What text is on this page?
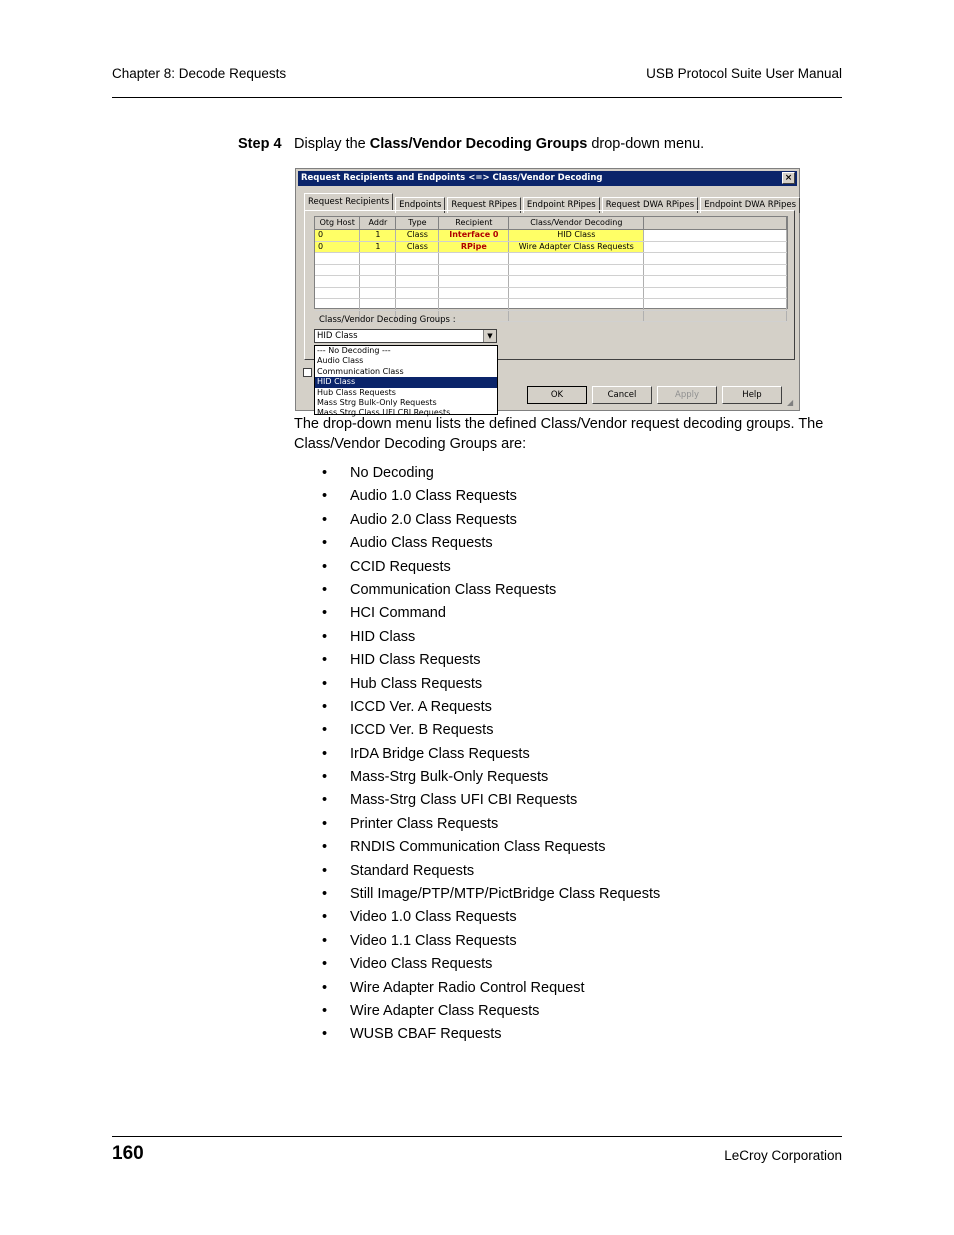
Chapter 8: Decode Requests	USB Protocol Suite User Manual
Step 4 Display the Class/Vendor Decoding Groups drop-down menu.
Request Recipients and Endpoints <=> Class/Vendor Decoding	×
Request Recipients Endpoints Request RPipes Endpoint RPipes Request DWA RPipes Endpoint DWA RPipes
Otg Host	Addr	Type	Recipient	Class/Vendor Decoding	
0	1	Class	Interface 0	HID Class	
0	1	Class	RPipe	Wire Adapter Class Requests	

Class/Vendor Decoding Groups :
HID Class	▼
--- No Decoding ---
Audio Class
Communication Class
HID Class
Hub Class Requests
Mass Strg Bulk-Only Requests
Mass Strg Class UFI CBI Requests
OK	Cancel	Apply	Help
◢
The drop-down menu lists the defined Class/Vendor request decoding groups. The Class/Vendor Decoding Groups are:
• No Decoding
• Audio 1.0 Class Requests
• Audio 2.0 Class Requests
• Audio Class Requests
• CCID Requests
• Communication Class Requests
• HCI Command
• HID Class
• HID Class Requests
• Hub Class Requests
• ICCD Ver. A Requests
• ICCD Ver. B Requests
• IrDA Bridge Class Requests
• Mass-Strg Bulk-Only Requests
• Mass-Strg Class UFI CBI Requests
• Printer Class Requests
• RNDIS Communication Class Requests
• Standard Requests
• Still Image/PTP/MTP/PictBridge Class Requests
• Video 1.0 Class Requests
• Video 1.1 Class Requests
• Video Class Requests
• Wire Adapter Radio Control Request
• Wire Adapter Class Requests
• WUSB CBAF Requests
160	LeCroy Corporation
